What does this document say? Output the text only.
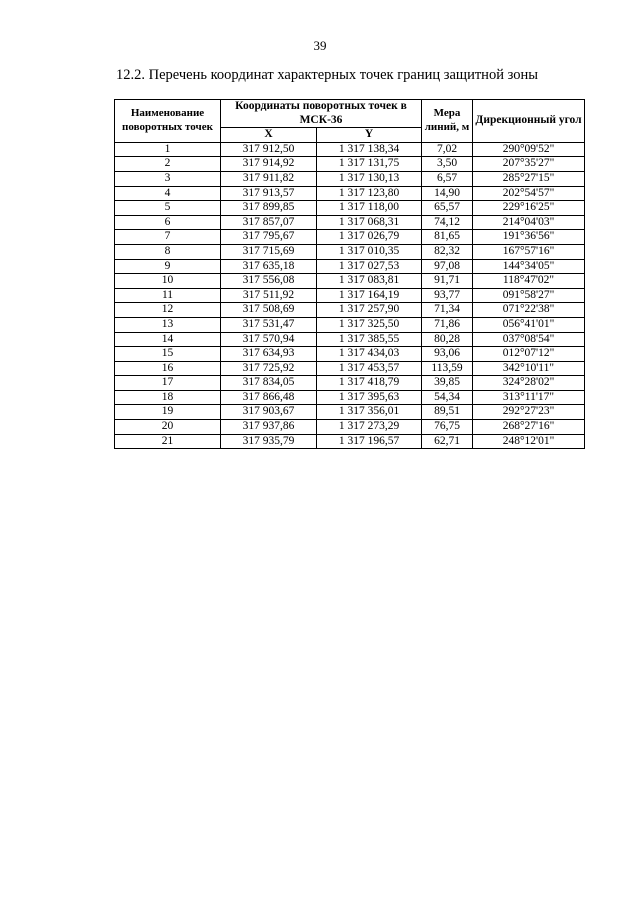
39
12.2. Перечень координат характерных точек границ защитной зоны
Наименование поворотных точек	Координаты поворотных точек в МСК-36		Мера линий, м	Дирекционный угол
	X	Y		
1	317 912,50	1 317 138,34	7,02	290°09'52"
2	317 914,92	1 317 131,75	3,50	207°35'27"
3	317 911,82	1 317 130,13	6,57	285°27'15"
4	317 913,57	1 317 123,80	14,90	202°54'57"
5	317 899,85	1 317 118,00	65,57	229°16'25"
6	317 857,07	1 317 068,31	74,12	214°04'03"
7	317 795,67	1 317 026,79	81,65	191°36'56"
8	317 715,69	1 317 010,35	82,32	167°57'16"
9	317 635,18	1 317 027,53	97,08	144°34'05"
10	317 556,08	1 317 083,81	91,71	118°47'02"
11	317 511,92	1 317 164,19	93,77	091°58'27"
12	317 508,69	1 317 257,90	71,34	071°22'38"
13	317 531,47	1 317 325,50	71,86	056°41'01"
14	317 570,94	1 317 385,55	80,28	037°08'54"
15	317 634,93	1 317 434,03	93,06	012°07'12"
16	317 725,92	1 317 453,57	113,59	342°10'11"
17	317 834,05	1 317 418,79	39,85	324°28'02"
18	317 866,48	1 317 395,63	54,34	313°11'17"
19	317 903,67	1 317 356,01	89,51	292°27'23"
20	317 937,86	1 317 273,29	76,75	268°27'16"
21	317 935,79	1 317 196,57	62,71	248°12'01"
